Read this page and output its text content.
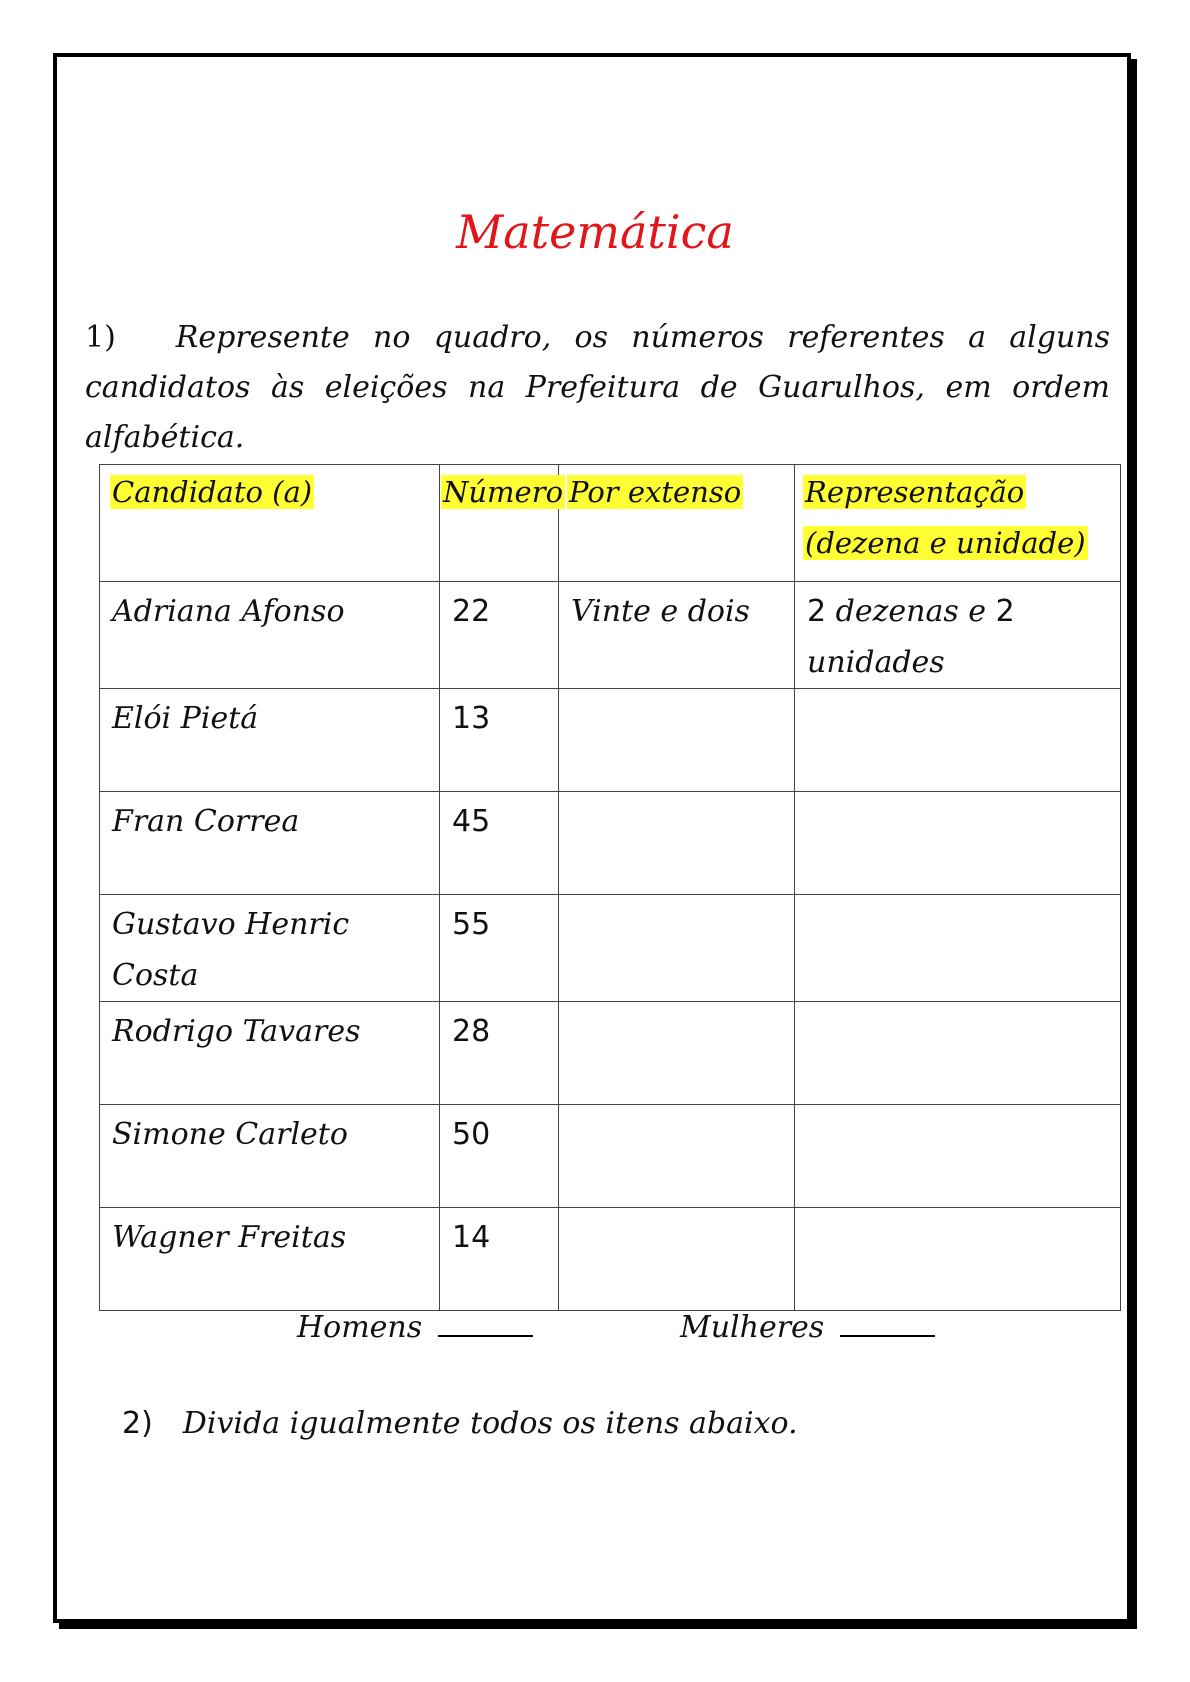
Matemática
1) Represente no quadro, os números referentes a alguns candidatos às eleições na Prefeitura de Guarulhos, em ordem alfabética.
Candidato (a)	Número	Por extenso	Representação
(dezena e unidade)
Adriana Afonso	22	Vinte e dois	2 dezenas e 2 unidades
Elói Pietá	13		
Fran Correa	45		
Gustavo Henric Costa	55		
Rodrigo Tavares	28		
Simone Carleto	50		
Wagner Freitas	14		
Homens	Mulheres
2) Divida igualmente todos os itens abaixo.
